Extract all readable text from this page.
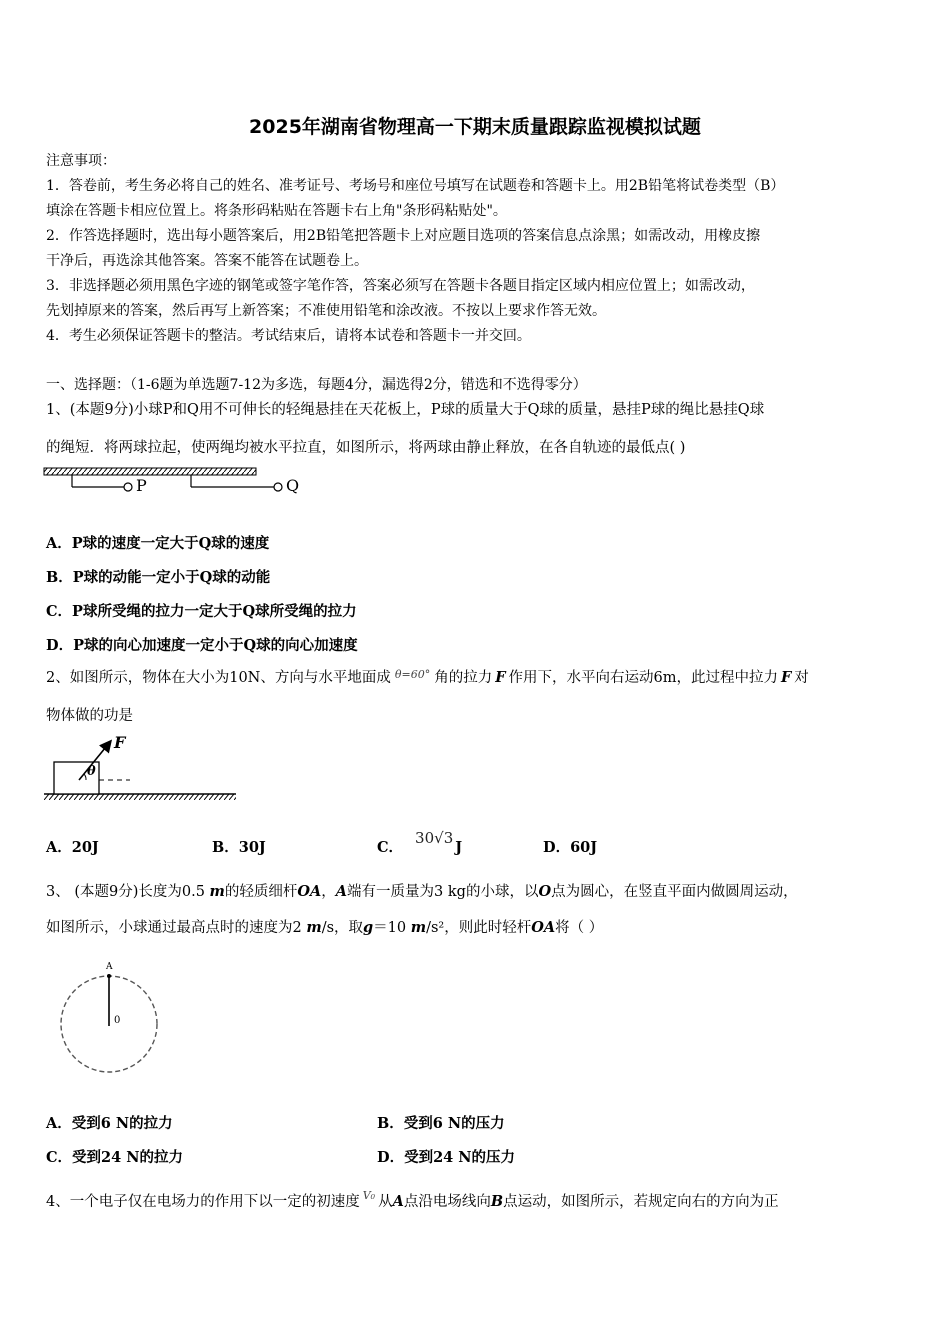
2025年湖南省物理高一下期末质量跟踪监视模拟试题
注意事项：
1．答卷前，考生务必将自己的姓名、准考证号、考场号和座位号填写在试题卷和答题卡上。用2B铅笔将试卷类型（B）
填涂在答题卡相应位置上。将条形码粘贴在答题卡右上角"条形码粘贴处"。
2．作答选择题时，选出每小题答案后，用2B铅笔把答题卡上对应题目选项的答案信息点涂黑；如需改动，用橡皮擦
干净后，再选涂其他答案。答案不能答在试题卷上。
3．非选择题必须用黑色字迹的钢笔或签字笔作答，答案必须写在答题卡各题目指定区域内相应位置上；如需改动，
先划掉原来的答案，然后再写上新答案；不准使用铅笔和涂改液。不按以上要求作答无效。
4．考生必须保证答题卡的整洁。考试结束后，请将本试卷和答题卡一并交回。
一、选择题：（1-6题为单选题7-12为多选，每题4分，漏选得2分，错选和不选得零分）
1、(本题9分)小球P和Q用不可伸长的轻绳悬挂在天花板上，P球的质量大于Q球的质量，悬挂P球的绳比悬挂Q球
的绳短．将两球拉起，使两绳均被水平拉直，如图所示，将两球由静止释放，在各自轨迹的最低点( )
P	Q
A．P球的速度一定大于Q球的速度
B．P球的动能一定小于Q球的动能
C．P球所受绳的拉力一定大于Q球所受绳的拉力
D．P球的向心加速度一定小于Q球的向心加速度
2、如图所示，物体在大小为10N、方向与水平地面成 $^{\theta=60^\circ}$ 角的拉力 F 作用下，水平向右运动6m，此过程中拉力 F 对
物体做的功是
F
θ
A．20J	B．30J	C．30√3J	D．60J
3、 (本题9分)长度为0.5 m的轻质细杆OA，A端有一质量为3 kg的小球，以O点为圆心，在竖直平面内做圆周运动，
如图所示，小球通过最高点时的速度为2 m/s，取g＝10 m/s²，则此时轻杆OA将（ ）
A
0
A．受到6 N的拉力	B．受到6 N的压力
C．受到24 N的拉力	D．受到24 N的压力
4、一个电子仅在电场力的作用下以一定的初速度 $^{V_0}$ 从A点沿电场线向B点运动，如图所示，若规定向右的方向为正
